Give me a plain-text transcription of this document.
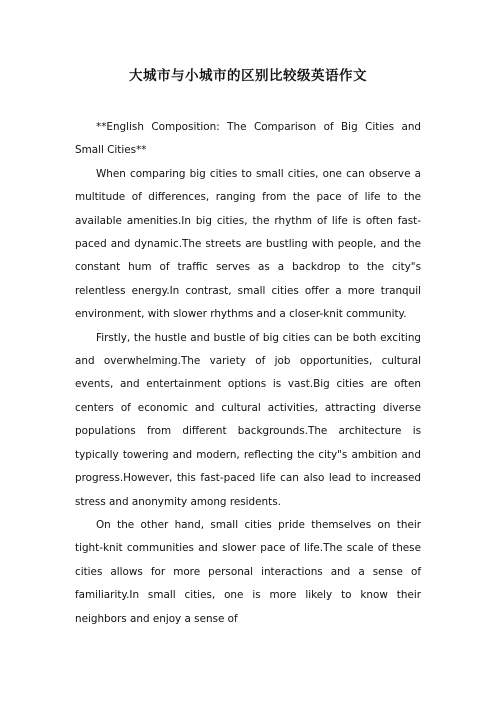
大城市与小城市的区别比较级英语作文

**English Composition: The Comparison of Big Cities and Small Cities**

When comparing big cities to small cities, one can observe a multitude of differences, ranging from the pace of life to the available amenities.In big cities, the rhythm of life is often fast-paced and dynamic.The streets are bustling with people, and the constant hum of traffic serves as a backdrop to the city"s relentless energy.In contrast, small cities offer a more tranquil environment, with slower rhythms and a closer-knit community.

Firstly, the hustle and bustle of big cities can be both exciting and overwhelming.The variety of job opportunities, cultural events, and entertainment options is vast.Big cities are often centers of economic and cultural activities, attracting diverse populations from different backgrounds.The architecture is typically towering and modern, reflecting the city"s ambition and progress.However, this fast-paced life can also lead to increased stress and anonymity among residents.

On the other hand, small cities pride themselves on their tight-knit communities and slower pace of life.The scale of these cities allows for more personal interactions and a sense of familiarity.In small cities, one is more likely to know their neighbors and enjoy a sense of
